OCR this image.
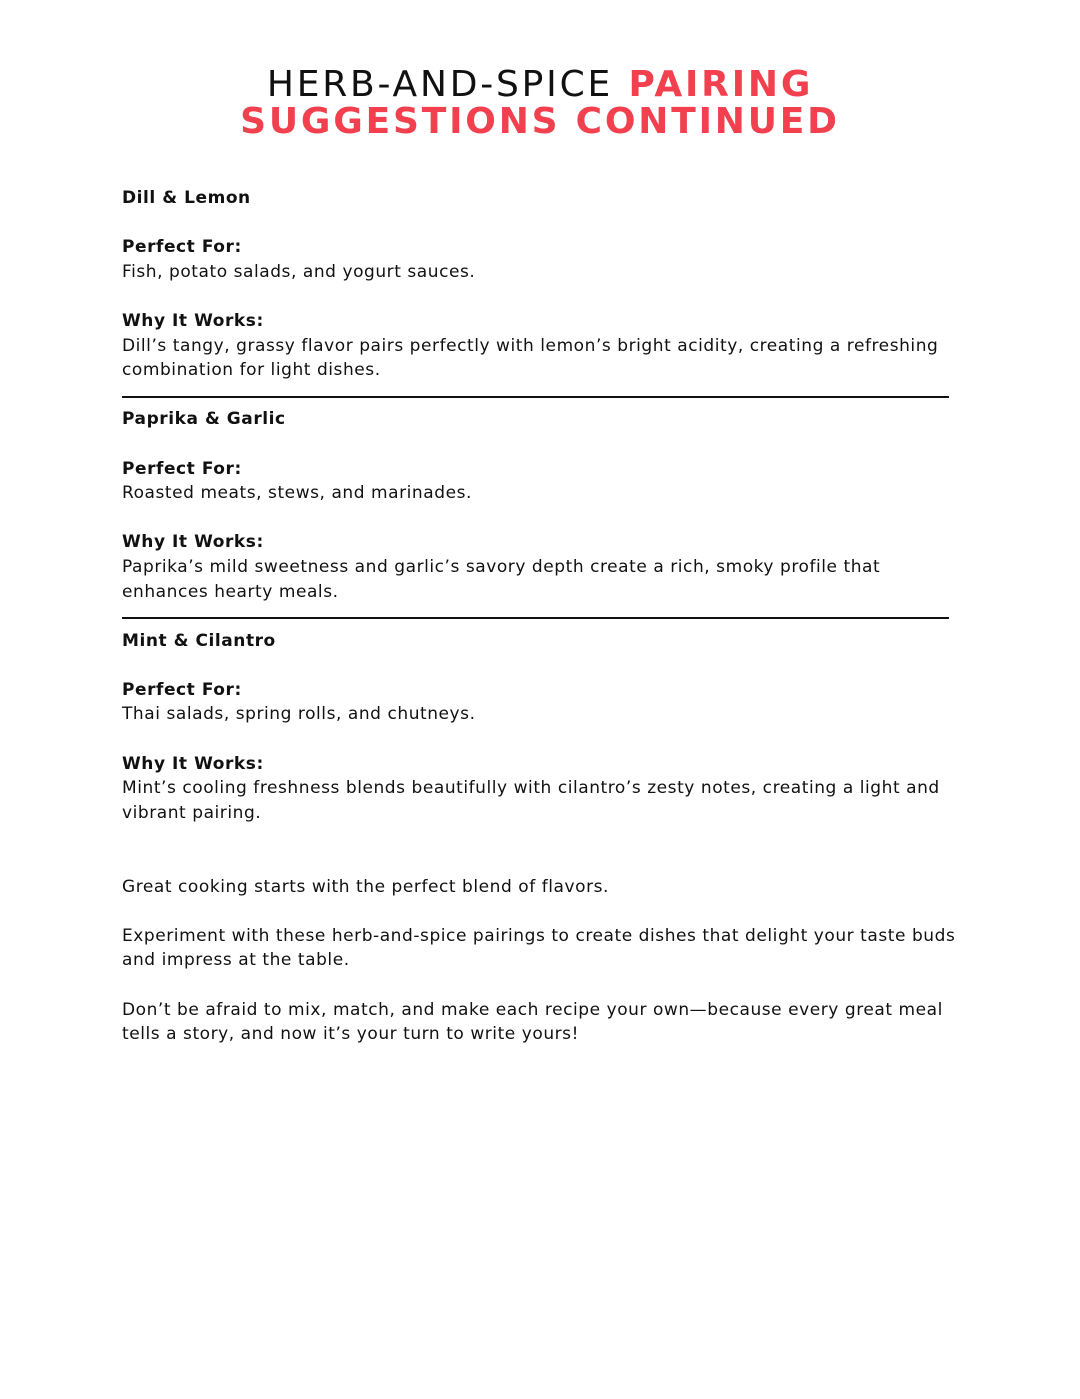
HERB-AND-SPICE PAIRING
SUGGESTIONS CONTINUED

Dill & Lemon

Perfect For:

Fish, potato salads, and yogurt sauces.

Why It Works:

Dill’s tangy, grassy flavor pairs perfectly with lemon’s bright acidity, creating a refreshing combination for light dishes.

Paprika & Garlic

Perfect For:

Roasted meats, stews, and marinades.

Why It Works:

Paprika’s mild sweetness and garlic’s savory depth create a rich, smoky profile that enhances hearty meals.

Mint & Cilantro

Perfect For:

Thai salads, spring rolls, and chutneys.

Why It Works:

Mint’s cooling freshness blends beautifully with cilantro’s zesty notes, creating a light and vibrant pairing.

Great cooking starts with the perfect blend of flavors.

Experiment with these herb-and-spice pairings to create dishes that delight your taste buds and impress at the table.

Don’t be afraid to mix, match, and make each recipe your own—because every great meal tells a story, and now it’s your turn to write yours!
